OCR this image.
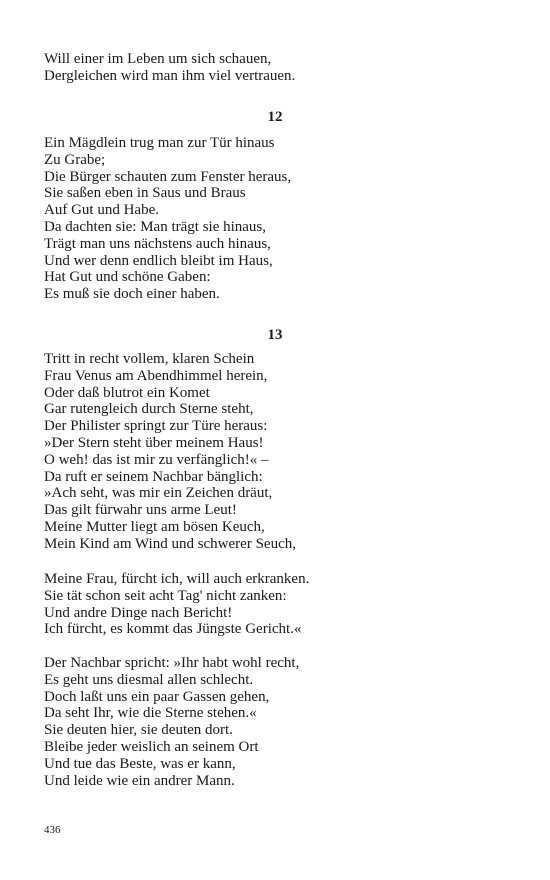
Will einer im Leben um sich schauen,
Dergleichen wird man ihm viel vertrauen.
12
Ein Mägdlein trug man zur Tür hinaus
Zu Grabe;
Die Bürger schauten zum Fenster heraus,
Sie saßen eben in Saus und Braus
Auf Gut und Habe.
Da dachten sie: Man trägt sie hinaus,
Trägt man uns nächstens auch hinaus,
Und wer denn endlich bleibt im Haus,
Hat Gut und schöne Gaben:
Es muß sie doch einer haben.
13
Tritt in recht vollem, klaren Schein
Frau Venus am Abendhimmel herein,
Oder daß blutrot ein Komet
Gar rutengleich durch Sterne steht,
Der Philister springt zur Türe heraus:
»Der Stern steht über meinem Haus!
O weh! das ist mir zu verfänglich!« –
Da ruft er seinem Nachbar bänglich:
»Ach seht, was mir ein Zeichen dräut,
Das gilt fürwahr uns arme Leut!
Meine Mutter liegt am bösen Keuch,
Mein Kind am Wind und schwerer Seuch,
Meine Frau, fürcht ich, will auch erkranken.
Sie tät schon seit acht Tag' nicht zanken:
Und andre Dinge nach Bericht!
Ich fürcht, es kommt das Jüngste Gericht.«
Der Nachbar spricht: »Ihr habt wohl recht,
Es geht uns diesmal allen schlecht.
Doch laßt uns ein paar Gassen gehen,
Da seht Ihr, wie die Sterne stehen.«
Sie deuten hier, sie deuten dort.
Bleibe jeder weislich an seinem Ort
Und tue das Beste, was er kann,
Und leide wie ein andrer Mann.
436
